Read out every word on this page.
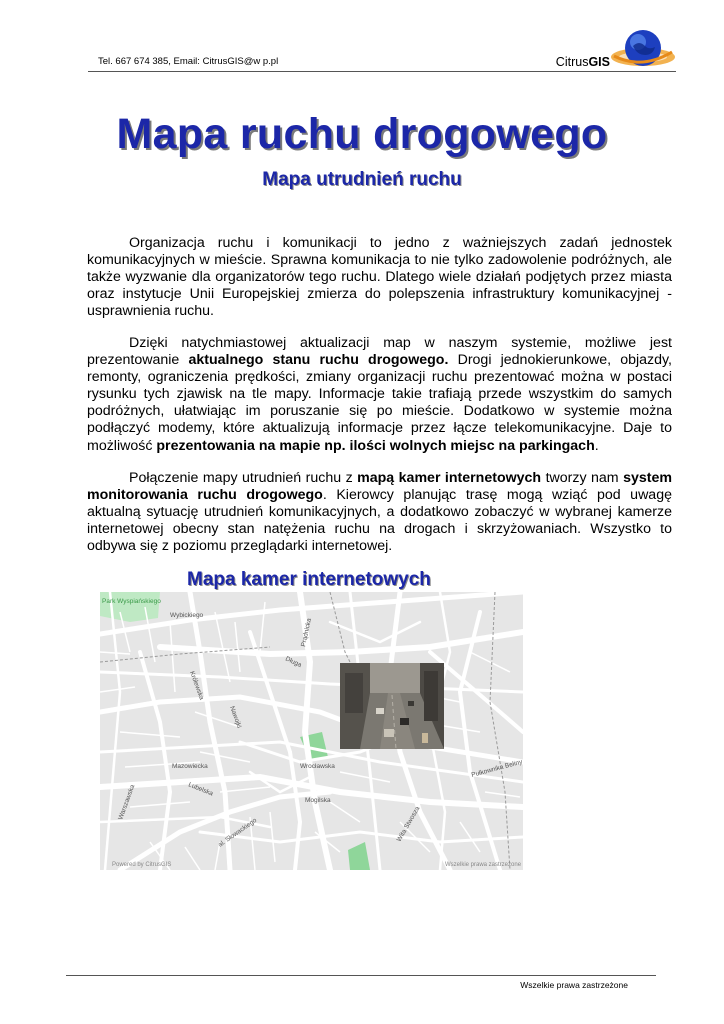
Tel. 667 674 385, Email: CitrusGIS@w p.pl	CitrusGIS
Mapa ruchu drogowego
Mapa utrudnień ruchu
Organizacja ruchu i komunikacji to jedno z ważniejszych zadań jednostek komunikacyjnych w mieście. Sprawna komunikacja to nie tylko zadowolenie podróżnych, ale także wyzwanie dla organizatorów tego ruchu. Dlatego wiele działań podjętych przez miasta oraz instytucje Unii Europejskiej zmierza do polepszenia infrastruktury komunikacyjnej - usprawnienia ruchu.
Dzięki natychmiastowej aktualizacji map w naszym systemie, możliwe jest prezentowanie aktualnego stanu ruchu drogowego. Drogi jednokierunkowe, objazdy, remonty, ograniczenia prędkości, zmiany organizacji ruchu prezentować można w postaci rysunku tych zjawisk na tle mapy. Informacje takie trafiają przede wszystkim do samych podróżnych, ułatwiając im poruszanie się po mieście. Dodatkowo w systemie można podłączyć modemy, które aktualizują informacje przez łącze telekomunikacyjne. Daje to możliwość prezentowania na mapie np. ilości wolnych miejsc na parkingach.
Połączenie mapy utrudnień ruchu z mapą kamer internetowych tworzy nam system monitorowania ruchu drogowego. Kierowcy planując trasę mogą wziąć pod uwagę aktualną sytuację utrudnień komunikacyjnych, a dodatkowo zobaczyć w wybranej kamerze internetowej obecny stan natężenia ruchu na drogach i skrzyżowaniach. Wszystko to odbywa się z poziomu przeglądarki internetowej.
Mapa kamer internetowych
Park Wyspiańskiego
Wybickiego
Prądnicka
Królewska
Nawojki
Długa
Mazowiecka	Wrocławska
Lubelska
Warszawska
Pułkownika Beliny
al. Słowackiego	Wita Stwosza
Mogilska
Powered by CitrusGIS	Wszelkie prawa zastrzeżone
Wszelkie prawa zastrzeżone
